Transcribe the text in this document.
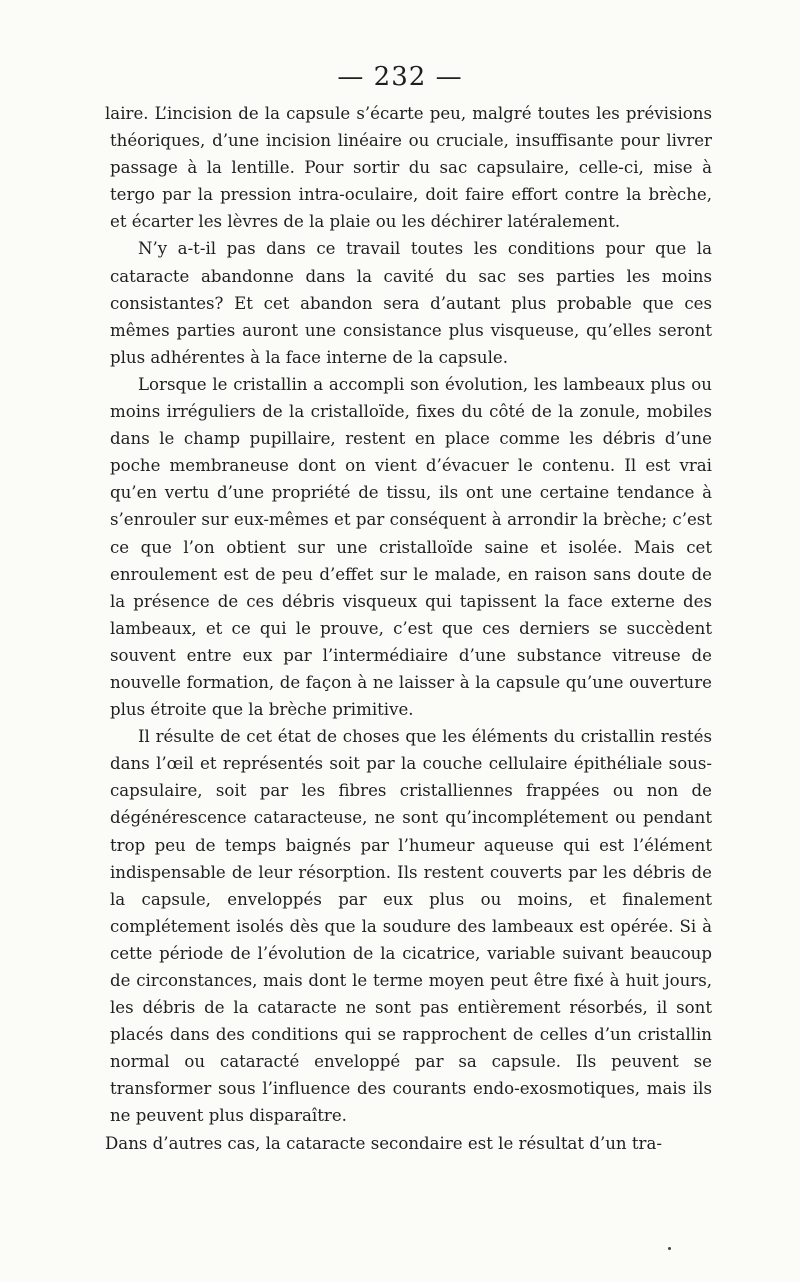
— 232 —

laire. L’incision de la capsule s’écarte peu, malgré toutes les prévisions théoriques, d’une incision linéaire ou cruciale, insuffisante pour livrer passage à la lentille. Pour sortir du sac capsulaire, celle-ci, mise à tergo par la pression intra-oculaire, doit faire effort contre la brèche, et écarter les lèvres de la plaie ou les déchirer latéralement.

N’y a-t-il pas dans ce travail toutes les conditions pour que la cataracte abandonne dans la cavité du sac ses parties les moins consistantes? Et cet abandon sera d’autant plus probable que ces mêmes parties auront une consistance plus visqueuse, qu’elles seront plus adhérentes à la face interne de la capsule.

Lorsque le cristallin a accompli son évolution, les lambeaux plus ou moins irréguliers de la cristalloïde, fixes du côté de la zonule, mobiles dans le champ pupillaire, restent en place comme les débris d’une poche membraneuse dont on vient d’évacuer le contenu. Il est vrai qu’en vertu d’une propriété de tissu, ils ont une certaine tendance à s’enrouler sur eux-mêmes et par conséquent à arrondir la brèche; c’est ce que l’on obtient sur une cristalloïde saine et isolée. Mais cet enroulement est de peu d’effet sur le malade, en raison sans doute de la présence de ces débris visqueux qui tapissent la face externe des lambeaux, et ce qui le prouve, c’est que ces derniers se succèdent souvent entre eux par l’intermédiaire d’une substance vitreuse de nouvelle formation, de façon à ne laisser à la capsule qu’une ouverture plus étroite que la brèche primitive.

Il résulte de cet état de choses que les éléments du cristallin restés dans l’œil et représentés soit par la couche cellulaire épithéliale sous-capsulaire, soit par les fibres cristalliennes frappées ou non de dégénérescence cataracteuse, ne sont qu’incomplétement ou pendant trop peu de temps baignés par l’humeur aqueuse qui est l’élément indispensable de leur résorption. Ils restent couverts par les débris de la capsule, enveloppés par eux plus ou moins, et finalement complétement isolés dès que la soudure des lambeaux est opérée. Si à cette période de l’évolution de la cicatrice, variable suivant beaucoup de circonstances, mais dont le terme moyen peut être fixé à huit jours, les débris de la cataracte ne sont pas entièrement résorbés, il sont placés dans des conditions qui se rapprochent de celles d’un cristallin normal ou cataracté enveloppé par sa capsule. Ils peuvent se transformer sous l’influence des courants endo-exosmotiques, mais ils ne peuvent plus disparaître.

Dans d’autres cas, la cataracte secondaire est le résultat d’un tra-
